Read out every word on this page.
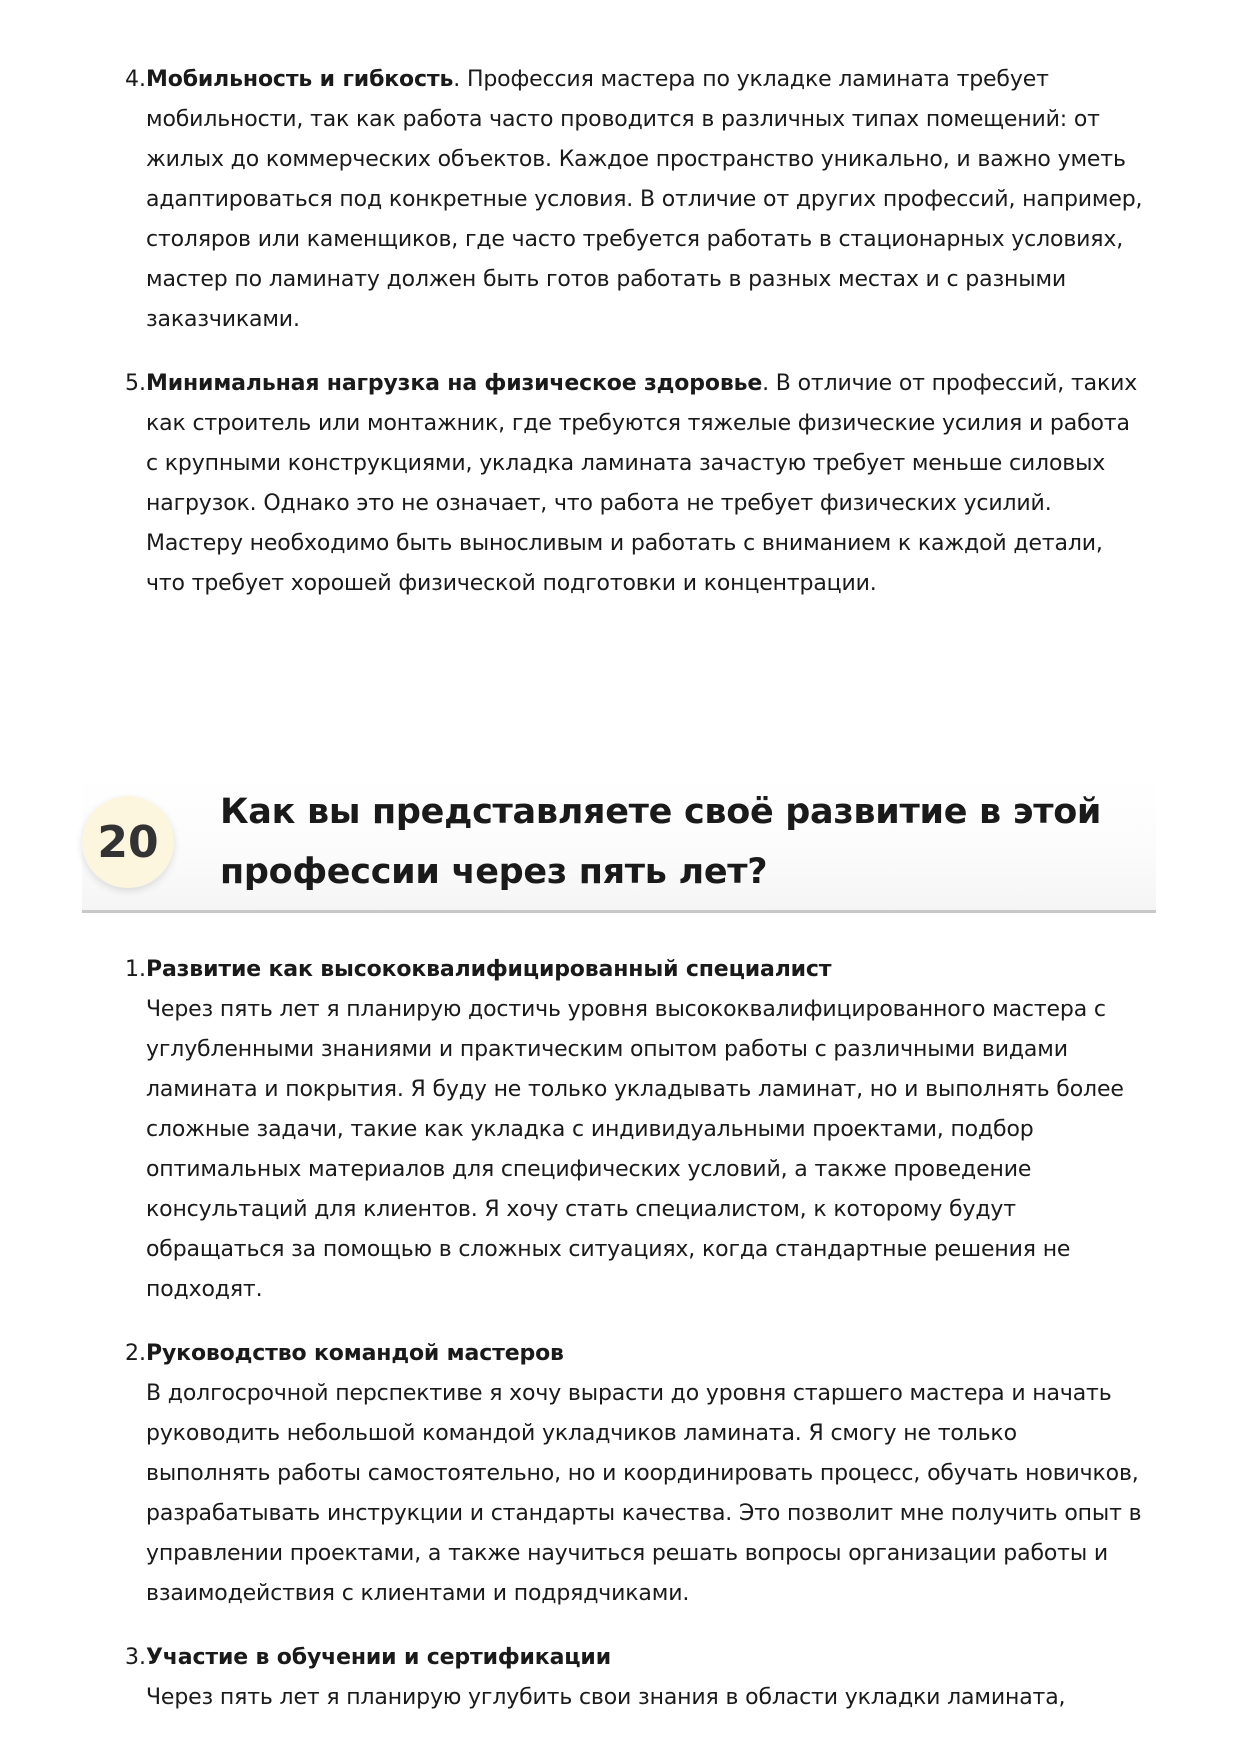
4. Мобильность и гибкость. Профессия мастера по укладке ламината требует мобильности, так как работа часто проводится в различных типах помещений: от жилых до коммерческих объектов. Каждое пространство уникально, и важно уметь адаптироваться под конкретные условия. В отличие от других профессий, например, столяров или каменщиков, где часто требуется работать в стационарных условиях, мастер по ламинату должен быть готов работать в разных местах и с разными заказчиками.
5. Минимальная нагрузка на физическое здоровье. В отличие от профессий, таких как строитель или монтажник, где требуются тяжелые физические усилия и работа с крупными конструкциями, укладка ламината зачастую требует меньше силовых нагрузок. Однако это не означает, что работа не требует физических усилий. Мастеру необходимо быть выносливым и работать с вниманием к каждой детали, что требует хорошей физической подготовки и концентрации.
20
Как вы представляете своё развитие в этой профессии через пять лет?
1. Развитие как высококвалифицированный специалист
Через пять лет я планирую достичь уровня высококвалифицированного мастера с углубленными знаниями и практическим опытом работы с различными видами ламината и покрытия. Я буду не только укладывать ламинат, но и выполнять более сложные задачи, такие как укладка с индивидуальными проектами, подбор оптимальных материалов для специфических условий, а также проведение консультаций для клиентов. Я хочу стать специалистом, к которому будут обращаться за помощью в сложных ситуациях, когда стандартные решения не подходят.
2. Руководство командой мастеров
В долгосрочной перспективе я хочу вырасти до уровня старшего мастера и начать руководить небольшой командой укладчиков ламината. Я смогу не только выполнять работы самостоятельно, но и координировать процесс, обучать новичков, разрабатывать инструкции и стандарты качества. Это позволит мне получить опыт в управлении проектами, а также научиться решать вопросы организации работы и взаимодействия с клиентами и подрядчиками.
3. Участие в обучении и сертификации
Через пять лет я планирую углубить свои знания в области укладки ламината,
